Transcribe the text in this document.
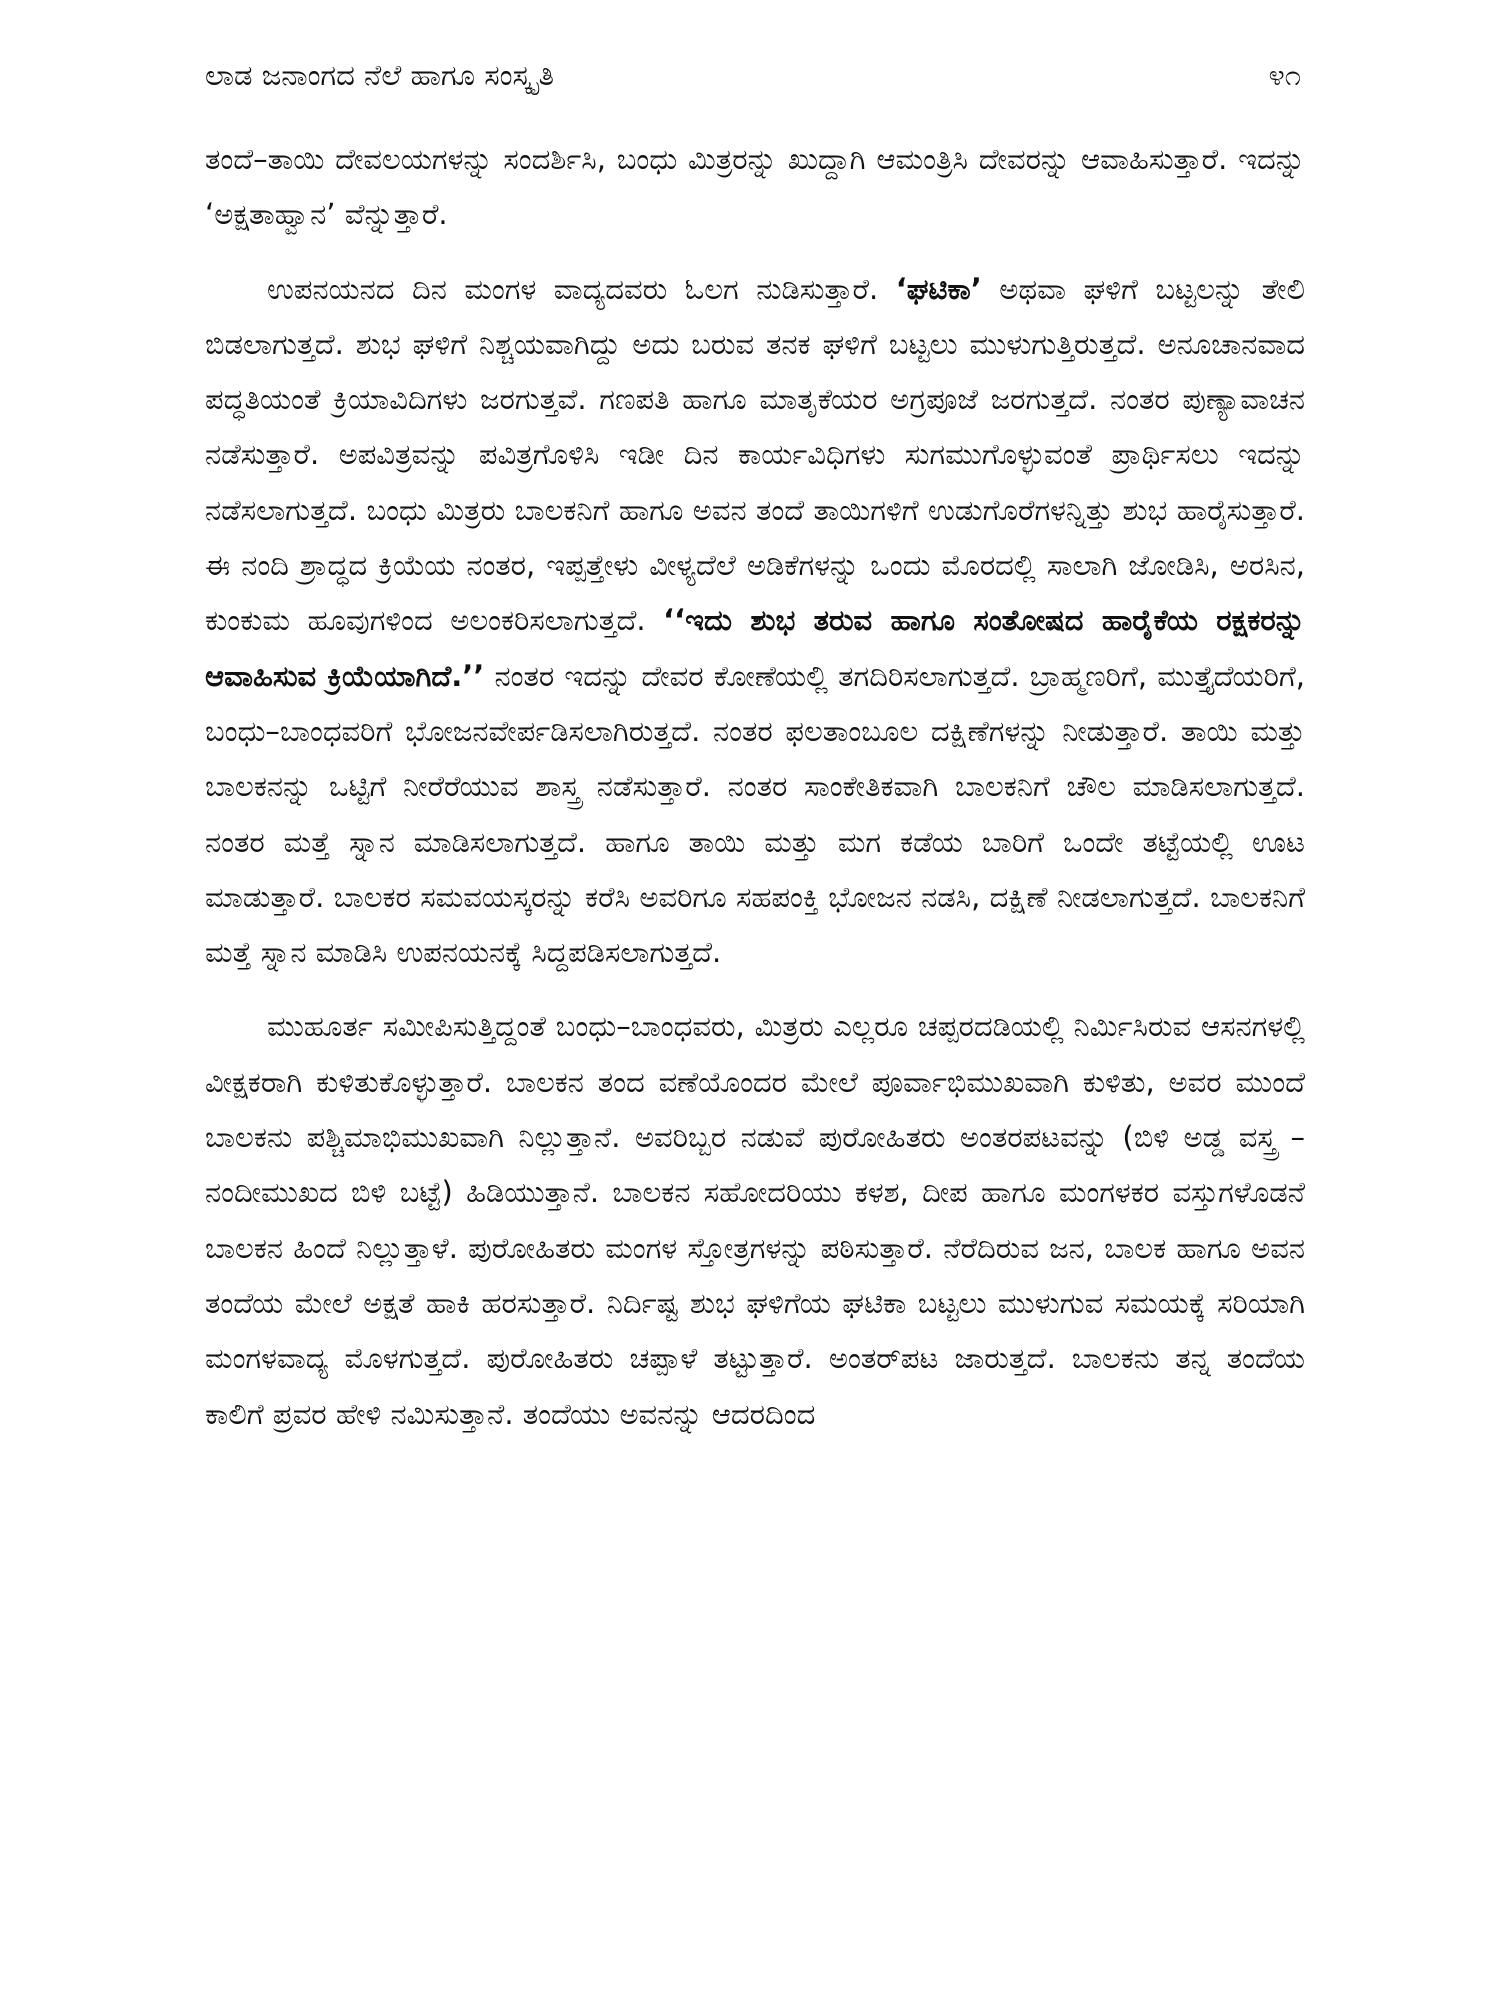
ಲಾಡ ಜನಾಂಗದ ನೆಲೆ ಹಾಗೂ ಸಂಸ್ಕೃತಿ	೪೧

ತಂದೆ–ತಾಯಿ ದೇವಲಯಗಳನ್ನು ಸಂದರ್ಶಿಸಿ, ಬಂಧು ಮಿತ್ರರನ್ನು ಖುದ್ದಾಗಿ ಆಮಂತ್ರಿಸಿ ದೇವರನ್ನು ಆವಾಹಿಸುತ್ತಾರೆ. ಇದನ್ನು ‘ಅಕ್ಷತಾಹ್ವಾನ’ ವೆನ್ನುತ್ತಾರೆ.

ಉಪನಯನದ ದಿನ ಮಂಗಳ ವಾದ್ಯದವರು ಓಲಗ ನುಡಿಸುತ್ತಾರೆ. ‘ಘಟಿಕಾ’ ಅಥವಾ ಘಳಿಗೆ ಬಟ್ಟಲನ್ನು ತೇಲಿ ಬಿಡಲಾಗುತ್ತದೆ. ಶುಭ ಘಳಿಗೆ ನಿಶ್ಚಯವಾಗಿದ್ದು ಅದು ಬರುವ ತನಕ ಘಳಿಗೆ ಬಟ್ಟಲು ಮುಳುಗುತ್ತಿರುತ್ತದೆ. ಅನೂಚಾನವಾದ ಪದ್ಧತಿಯಂತೆ ಕ್ರಿಯಾವಿದಿಗಳು ಜರಗುತ್ತವೆ. ಗಣಪತಿ ಹಾಗೂ ಮಾತೃಕೆಯರ ಅಗ್ರಪೂಜೆ ಜರಗುತ್ತದೆ. ನಂತರ ಪುಣ್ಯಾವಾಚನ ನಡೆಸುತ್ತಾರೆ. ಅಪವಿತ್ರವನ್ನು ಪವಿತ್ರಗೊಳಿಸಿ ಇಡೀ ದಿನ ಕಾರ್ಯವಿಧಿಗಳು ಸುಗಮುಗೊಳ್ಳುವಂತೆ ಪ್ರಾರ್ಥಿಸಲು ಇದನ್ನು ನಡೆಸಲಾಗುತ್ತದೆ. ಬಂಧು ಮಿತ್ರರು ಬಾಲಕನಿಗೆ ಹಾಗೂ ಅವನ ತಂದೆ ತಾಯಿಗಳಿಗೆ ಉಡುಗೊರೆಗಳನ್ನಿತ್ತು ಶುಭ ಹಾರೈಸುತ್ತಾರೆ. ಈ ನಂದಿ ಶ್ರಾದ್ಧದ ಕ್ರಿಯೆಯ ನಂತರ, ಇಪ್ಪತ್ತೇಳು ವೀಳ್ಯದೆಲೆ ಅಡಿಕೆಗಳನ್ನು ಒಂದು ಮೊರದಲ್ಲಿ ಸಾಲಾಗಿ ಜೋಡಿಸಿ, ಅರಸಿನ, ಕುಂಕುಮ ಹೂವುಗಳಿಂದ ಅಲಂಕರಿಸಲಾಗುತ್ತದೆ. ‘‘ಇದು ಶುಭ ತರುವ ಹಾಗೂ ಸಂತೋಷದ ಹಾರೈಕೆಯ ರಕ್ಷಕರನ್ನು ಆವಾಹಿಸುವ ಕ್ರಿಯೆಯಾಗಿದೆ.’’ ನಂತರ ಇದನ್ನು ದೇವರ ಕೋಣೆಯಲ್ಲಿ ತಗದಿರಿಸಲಾಗುತ್ತದೆ. ಬ್ರಾಹ್ಮಣರಿಗೆ, ಮುತ್ತೈದೆಯರಿಗೆ, ಬಂಧು–ಬಾಂಧವರಿಗೆ ಭೋಜನವೇರ್ಪಡಿಸಲಾಗಿರುತ್ತದೆ. ನಂತರ ಫಲತಾಂಬೂಲ ದಕ್ಷಿಣೆಗಳನ್ನು ನೀಡುತ್ತಾರೆ. ತಾಯಿ ಮತ್ತು ಬಾಲಕನನ್ನು ಒಟ್ಟಿಗೆ ನೀರೆರೆಯುವ ಶಾಸ್ತ್ರ ನಡೆಸುತ್ತಾರೆ. ನಂತರ ಸಾಂಕೇತಿಕವಾಗಿ ಬಾಲಕನಿಗೆ ಚೌಲ ಮಾಡಿಸಲಾಗುತ್ತದೆ. ನಂತರ ಮತ್ತೆ ಸ್ನಾನ ಮಾಡಿಸಲಾಗುತ್ತದೆ. ಹಾಗೂ ತಾಯಿ ಮತ್ತು ಮಗ ಕಡೆಯ ಬಾರಿಗೆ ಒಂದೇ ತಟ್ಟೆಯಲ್ಲಿ ಊಟ ಮಾಡುತ್ತಾರೆ. ಬಾಲಕರ ಸಮವಯಸ್ಕರನ್ನು ಕರೆಸಿ ಅವರಿಗೂ ಸಹಪಂಕ್ತಿ ಭೋಜನ ನಡಸಿ, ದಕ್ಷಿಣೆ ನೀಡಲಾಗುತ್ತದೆ. ಬಾಲಕನಿಗೆ ಮತ್ತೆ ಸ್ನಾನ ಮಾಡಿಸಿ ಉಪನಯನಕ್ಕೆ ಸಿದ್ದಪಡಿಸಲಾಗುತ್ತದೆ.

ಮುಹೂರ್ತ ಸಮೀಪಿಸುತ್ತಿದ್ದಂತೆ ಬಂಧು–ಬಾಂಧವರು, ಮಿತ್ರರು ಎಲ್ಲರೂ ಚಪ್ಪರದಡಿಯಲ್ಲಿ ನಿರ್ಮಿಸಿರುವ ಆಸನಗಳಲ್ಲಿ ವೀಕ್ಷಕರಾಗಿ ಕುಳಿತುಕೊಳ್ಳುತ್ತಾರೆ. ಬಾಲಕನ ತಂದ ವಣೆಯೊಂದರ ಮೇಲೆ ಪೂರ್ವಾಭಿಮುಖವಾಗಿ ಕುಳಿತು, ಅವರ ಮುಂದೆ ಬಾಲಕನು ಪಶ್ಚಿಮಾಭಿಮುಖವಾಗಿ ನಿಲ್ಲುತ್ತಾನೆ. ಅವರಿಬ್ಬರ ನಡುವೆ ಪುರೋಹಿತರು ಅಂತರಪಟವನ್ನು (ಬಿಳಿ ಅಡ್ಡ ವಸ್ತ್ರ – ನಂದೀಮುಖದ ಬಿಳಿ ಬಟ್ಟೆ) ಹಿಡಿಯುತ್ತಾನೆ. ಬಾಲಕನ ಸಹೋದರಿಯು ಕಳಶ, ದೀಪ ಹಾಗೂ ಮಂಗಳಕರ ವಸ್ತುಗಳೊಡನೆ ಬಾಲಕನ ಹಿಂದೆ ನಿಲ್ಲುತ್ತಾಳೆ. ಪುರೋಹಿತರು ಮಂಗಳ ಸ್ತೋತ್ರಗಳನ್ನು ಪಠಿಸುತ್ತಾರೆ. ನೆರೆದಿರುವ ಜನ, ಬಾಲಕ ಹಾಗೂ ಅವನ ತಂದೆಯ ಮೇಲೆ ಅಕ್ಷತೆ ಹಾಕಿ ಹರಸುತ್ತಾರೆ. ನಿರ್ದಿಷ್ಟ ಶುಭ ಘಳಿಗೆಯ ಘಟಿಕಾ ಬಟ್ಟಲು ಮುಳುಗುವ ಸಮಯಕ್ಕೆ ಸರಿಯಾಗಿ ಮಂಗಳವಾದ್ಯ ಮೊಳಗುತ್ತದೆ. ಪುರೋಹಿತರು ಚಪ್ಪಾಳೆ ತಟ್ಟುತ್ತಾರೆ. ಅಂತರ್‌ಪಟ ಜಾರುತ್ತದೆ. ಬಾಲಕನು ತನ್ನ ತಂದೆಯ ಕಾಲಿಗೆ ಪ್ರವರ ಹೇಳಿ ನಮಿಸುತ್ತಾನೆ. ತಂದೆಯು ಅವನನ್ನು ಆದರದಿಂದ
